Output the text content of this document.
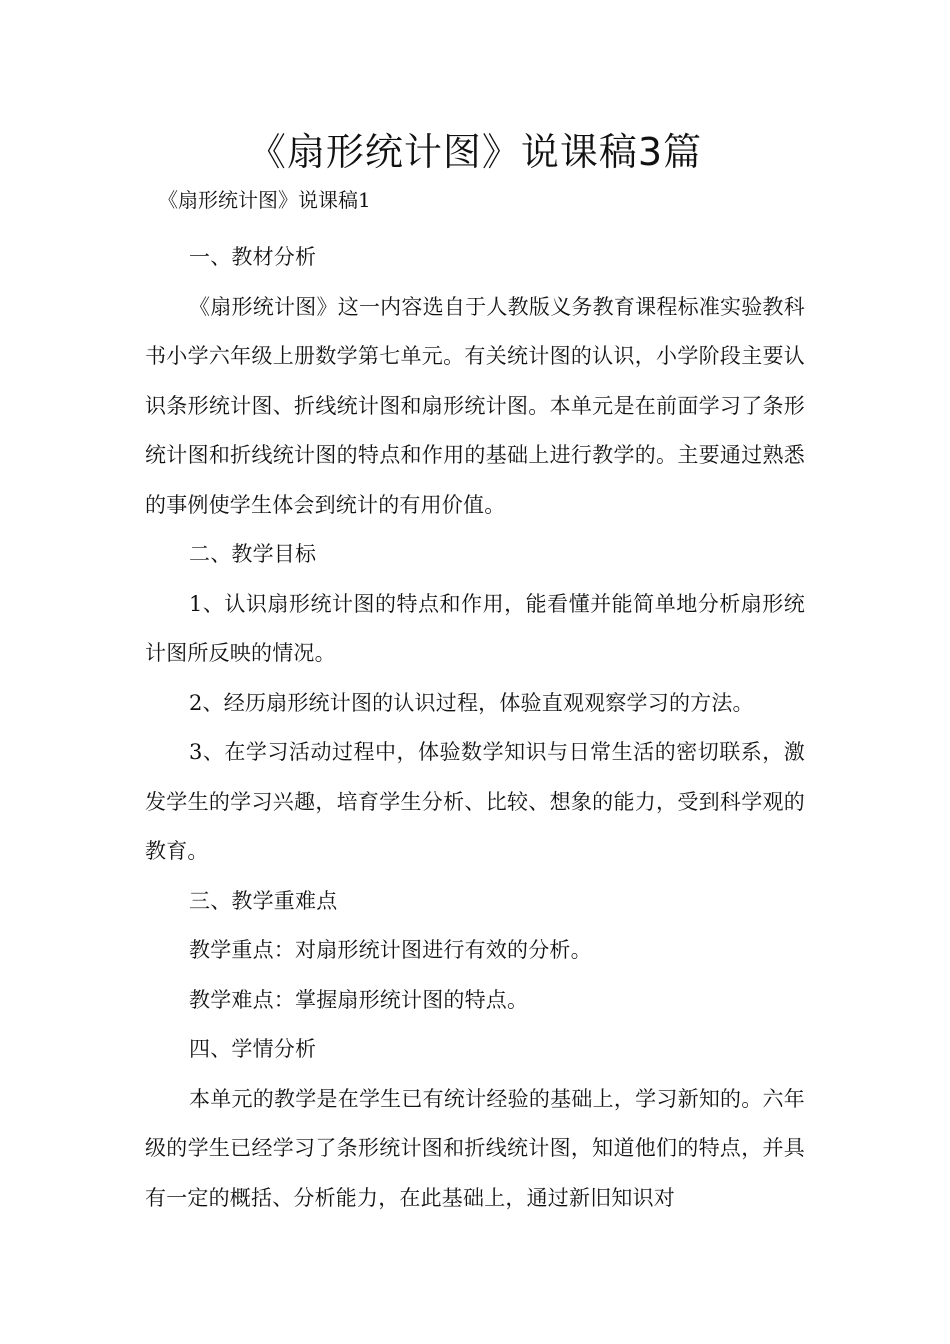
《扇形统计图》说课稿3篇

《扇形统计图》说课稿1

一、教材分析

《扇形统计图》这一内容选自于人教版义务教育课程标准实验教科书小学六年级上册数学第七单元。有关统计图的认识，小学阶段主要认识条形统计图、折线统计图和扇形统计图。本单元是在前面学习了条形统计图和折线统计图的特点和作用的基础上进行教学的。主要通过熟悉的事例使学生体会到统计的有用价值。

二、教学目标

1、认识扇形统计图的特点和作用，能看懂并能简单地分析扇形统计图所反映的情况。

2、经历扇形统计图的认识过程，体验直观观察学习的方法。

3、在学习活动过程中，体验数学知识与日常生活的密切联系，激发学生的学习兴趣，培育学生分析、比较、想象的能力，受到科学观的教育。

三、教学重难点

教学重点：对扇形统计图进行有效的分析。

教学难点：掌握扇形统计图的特点。

四、学情分析

本单元的教学是在学生已有统计经验的基础上，学习新知的。六年级的学生已经学习了条形统计图和折线统计图，知道他们的特点，并具有一定的概括、分析能力，在此基础上，通过新旧知识对
